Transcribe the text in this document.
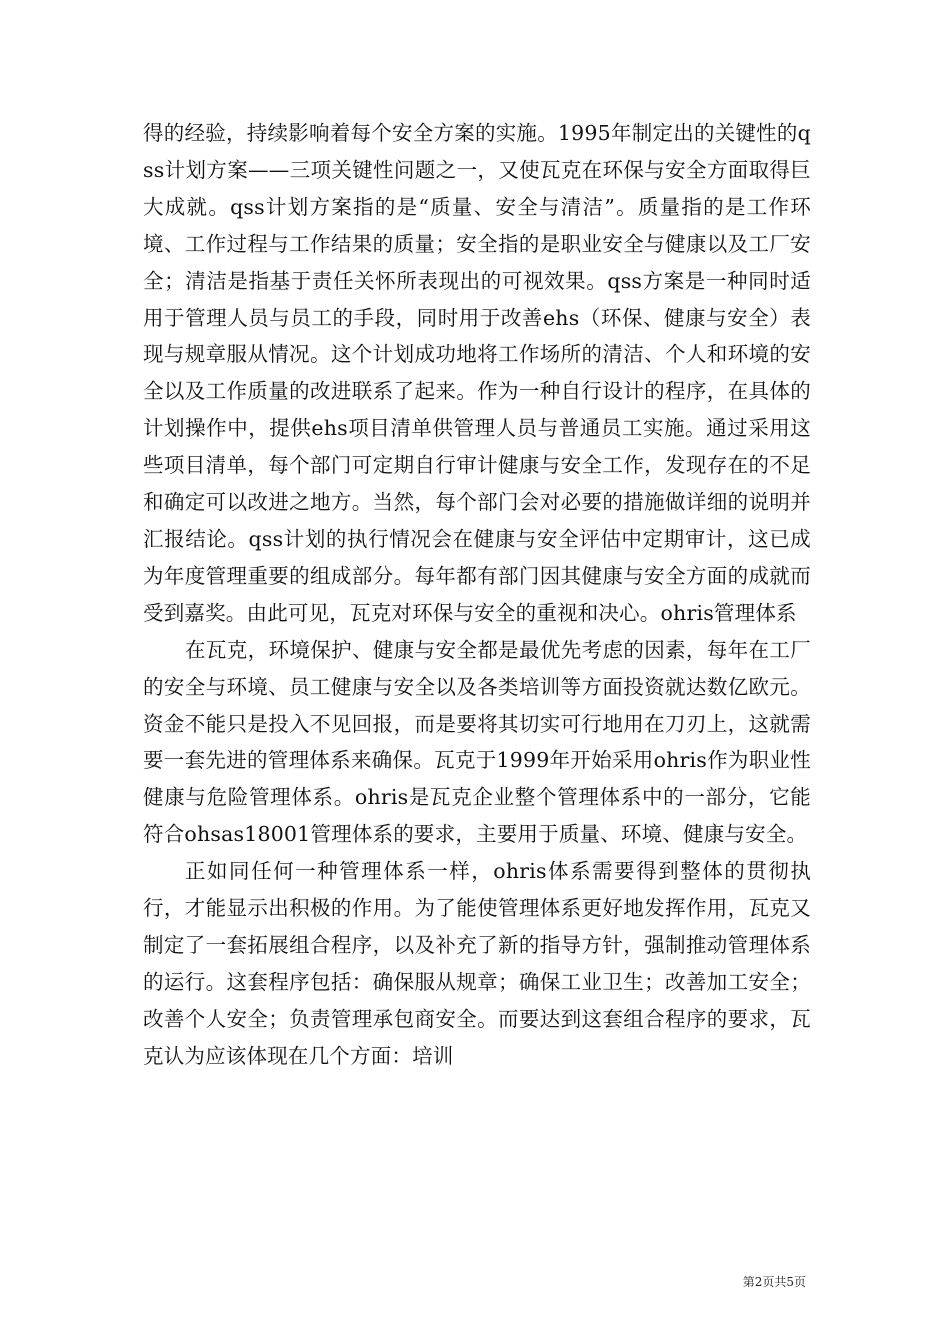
得的经验，持续影响着每个安全方案的实施。1995年制定出的关键性的qss计划方案——三项关键性问题之一，又使瓦克在环保与安全方面取得巨大成就。qss计划方案指的是“质量、安全与清洁”。质量指的是工作环境、工作过程与工作结果的质量；安全指的是职业安全与健康以及工厂安全；清洁是指基于责任关怀所表现出的可视效果。qss方案是一种同时适用于管理人员与员工的手段，同时用于改善ehs（环保、健康与安全）表现与规章服从情况。这个计划成功地将工作场所的清洁、个人和环境的安全以及工作质量的改进联系了起来。作为一种自行设计的程序，在具体的计划操作中，提供ehs项目清单供管理人员与普通员工实施。通过采用这些项目清单，每个部门可定期自行审计健康与安全工作，发现存在的不足和确定可以改进之地方。当然，每个部门会对必要的措施做详细的说明并汇报结论。qss计划的执行情况会在健康与安全评估中定期审计，这已成为年度管理重要的组成部分。每年都有部门因其健康与安全方面的成就而受到嘉奖。由此可见，瓦克对环保与安全的重视和决心。ohris管理体系

在瓦克，环境保护、健康与安全都是最优先考虑的因素，每年在工厂的安全与环境、员工健康与安全以及各类培训等方面投资就达数亿欧元。资金不能只是投入不见回报，而是要将其切实可行地用在刀刃上，这就需要一套先进的管理体系来确保。瓦克于1999年开始采用ohris作为职业性健康与危险管理体系。ohris是瓦克企业整个管理体系中的一部分，它能符合ohsas18001管理体系的要求，主要用于质量、环境、健康与安全。

正如同任何一种管理体系一样，ohris体系需要得到整体的贯彻执行，才能显示出积极的作用。为了能使管理体系更好地发挥作用，瓦克又制定了一套拓展组合程序，以及补充了新的指导方针，强制推动管理体系的运行。这套程序包括：确保服从规章；确保工业卫生；改善加工安全；改善个人安全；负责管理承包商安全。而要达到这套组合程序的要求，瓦克认为应该体现在几个方面：培训

第2页共5页
